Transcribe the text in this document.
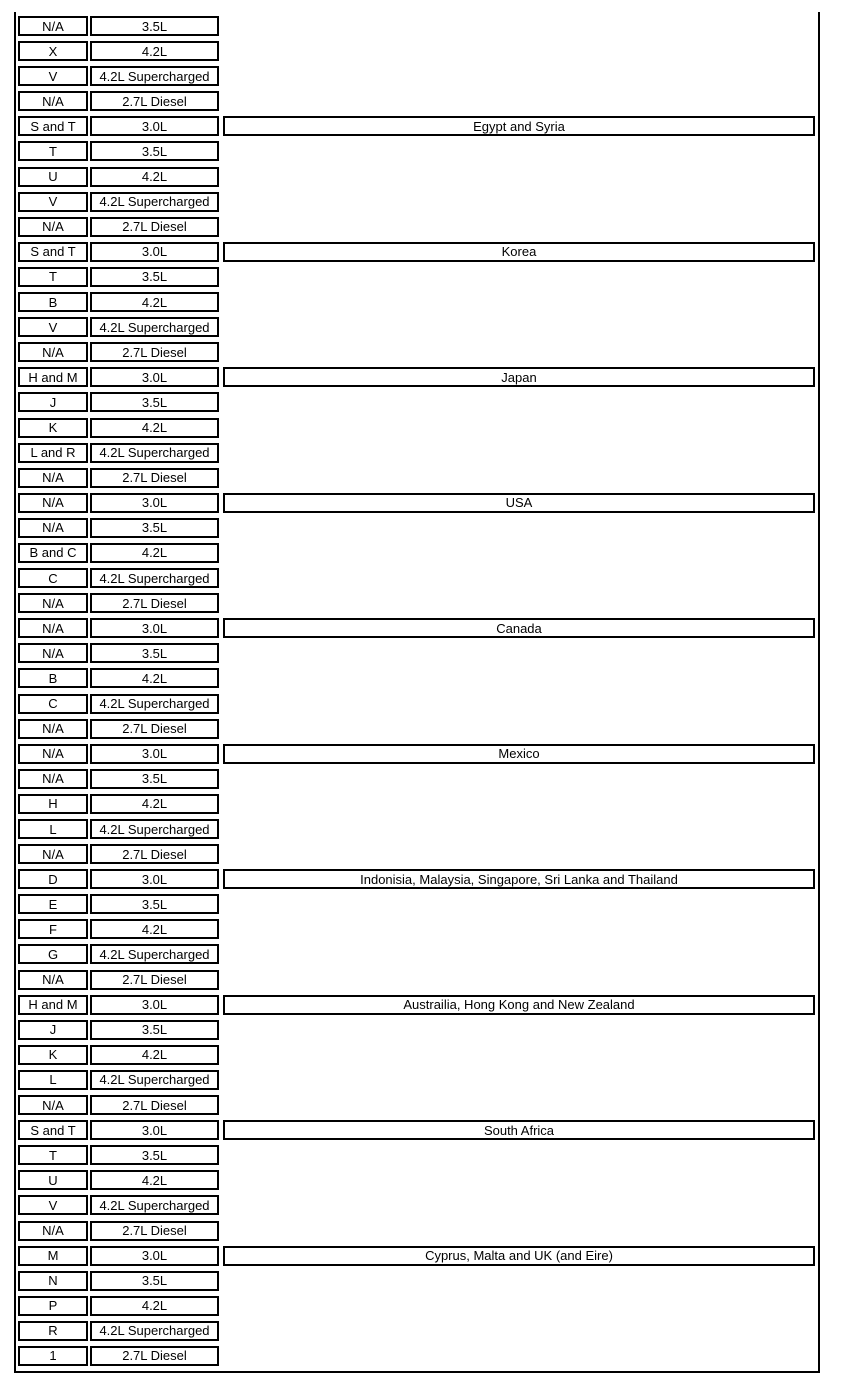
N/A	3.5L
X	4.2L
V	4.2L Supercharged
N/A	2.7L Diesel
S and T	3.0L	Egypt and Syria
T	3.5L
U	4.2L
V	4.2L Supercharged
N/A	2.7L Diesel
S and T	3.0L	Korea
T	3.5L
B	4.2L
V	4.2L Supercharged
N/A	2.7L Diesel
H and M	3.0L	Japan
J	3.5L
K	4.2L
L and R	4.2L Supercharged
N/A	2.7L Diesel
N/A	3.0L	USA
N/A	3.5L
B and C	4.2L
C	4.2L Supercharged
N/A	2.7L Diesel
N/A	3.0L	Canada
N/A	3.5L
B	4.2L
C	4.2L Supercharged
N/A	2.7L Diesel
N/A	3.0L	Mexico
N/A	3.5L
H	4.2L
L	4.2L Supercharged
N/A	2.7L Diesel
D	3.0L	Indonisia, Malaysia, Singapore, Sri Lanka and Thailand
E	3.5L
F	4.2L
G	4.2L Supercharged
N/A	2.7L Diesel
H and M	3.0L	Austrailia, Hong Kong and New Zealand
J	3.5L
K	4.2L
L	4.2L Supercharged
N/A	2.7L Diesel
S and T	3.0L	South Africa
T	3.5L
U	4.2L
V	4.2L Supercharged
N/A	2.7L Diesel
M	3.0L	Cyprus, Malta and UK (and Eire)
N	3.5L
P	4.2L
R	4.2L Supercharged
1	2.7L Diesel
